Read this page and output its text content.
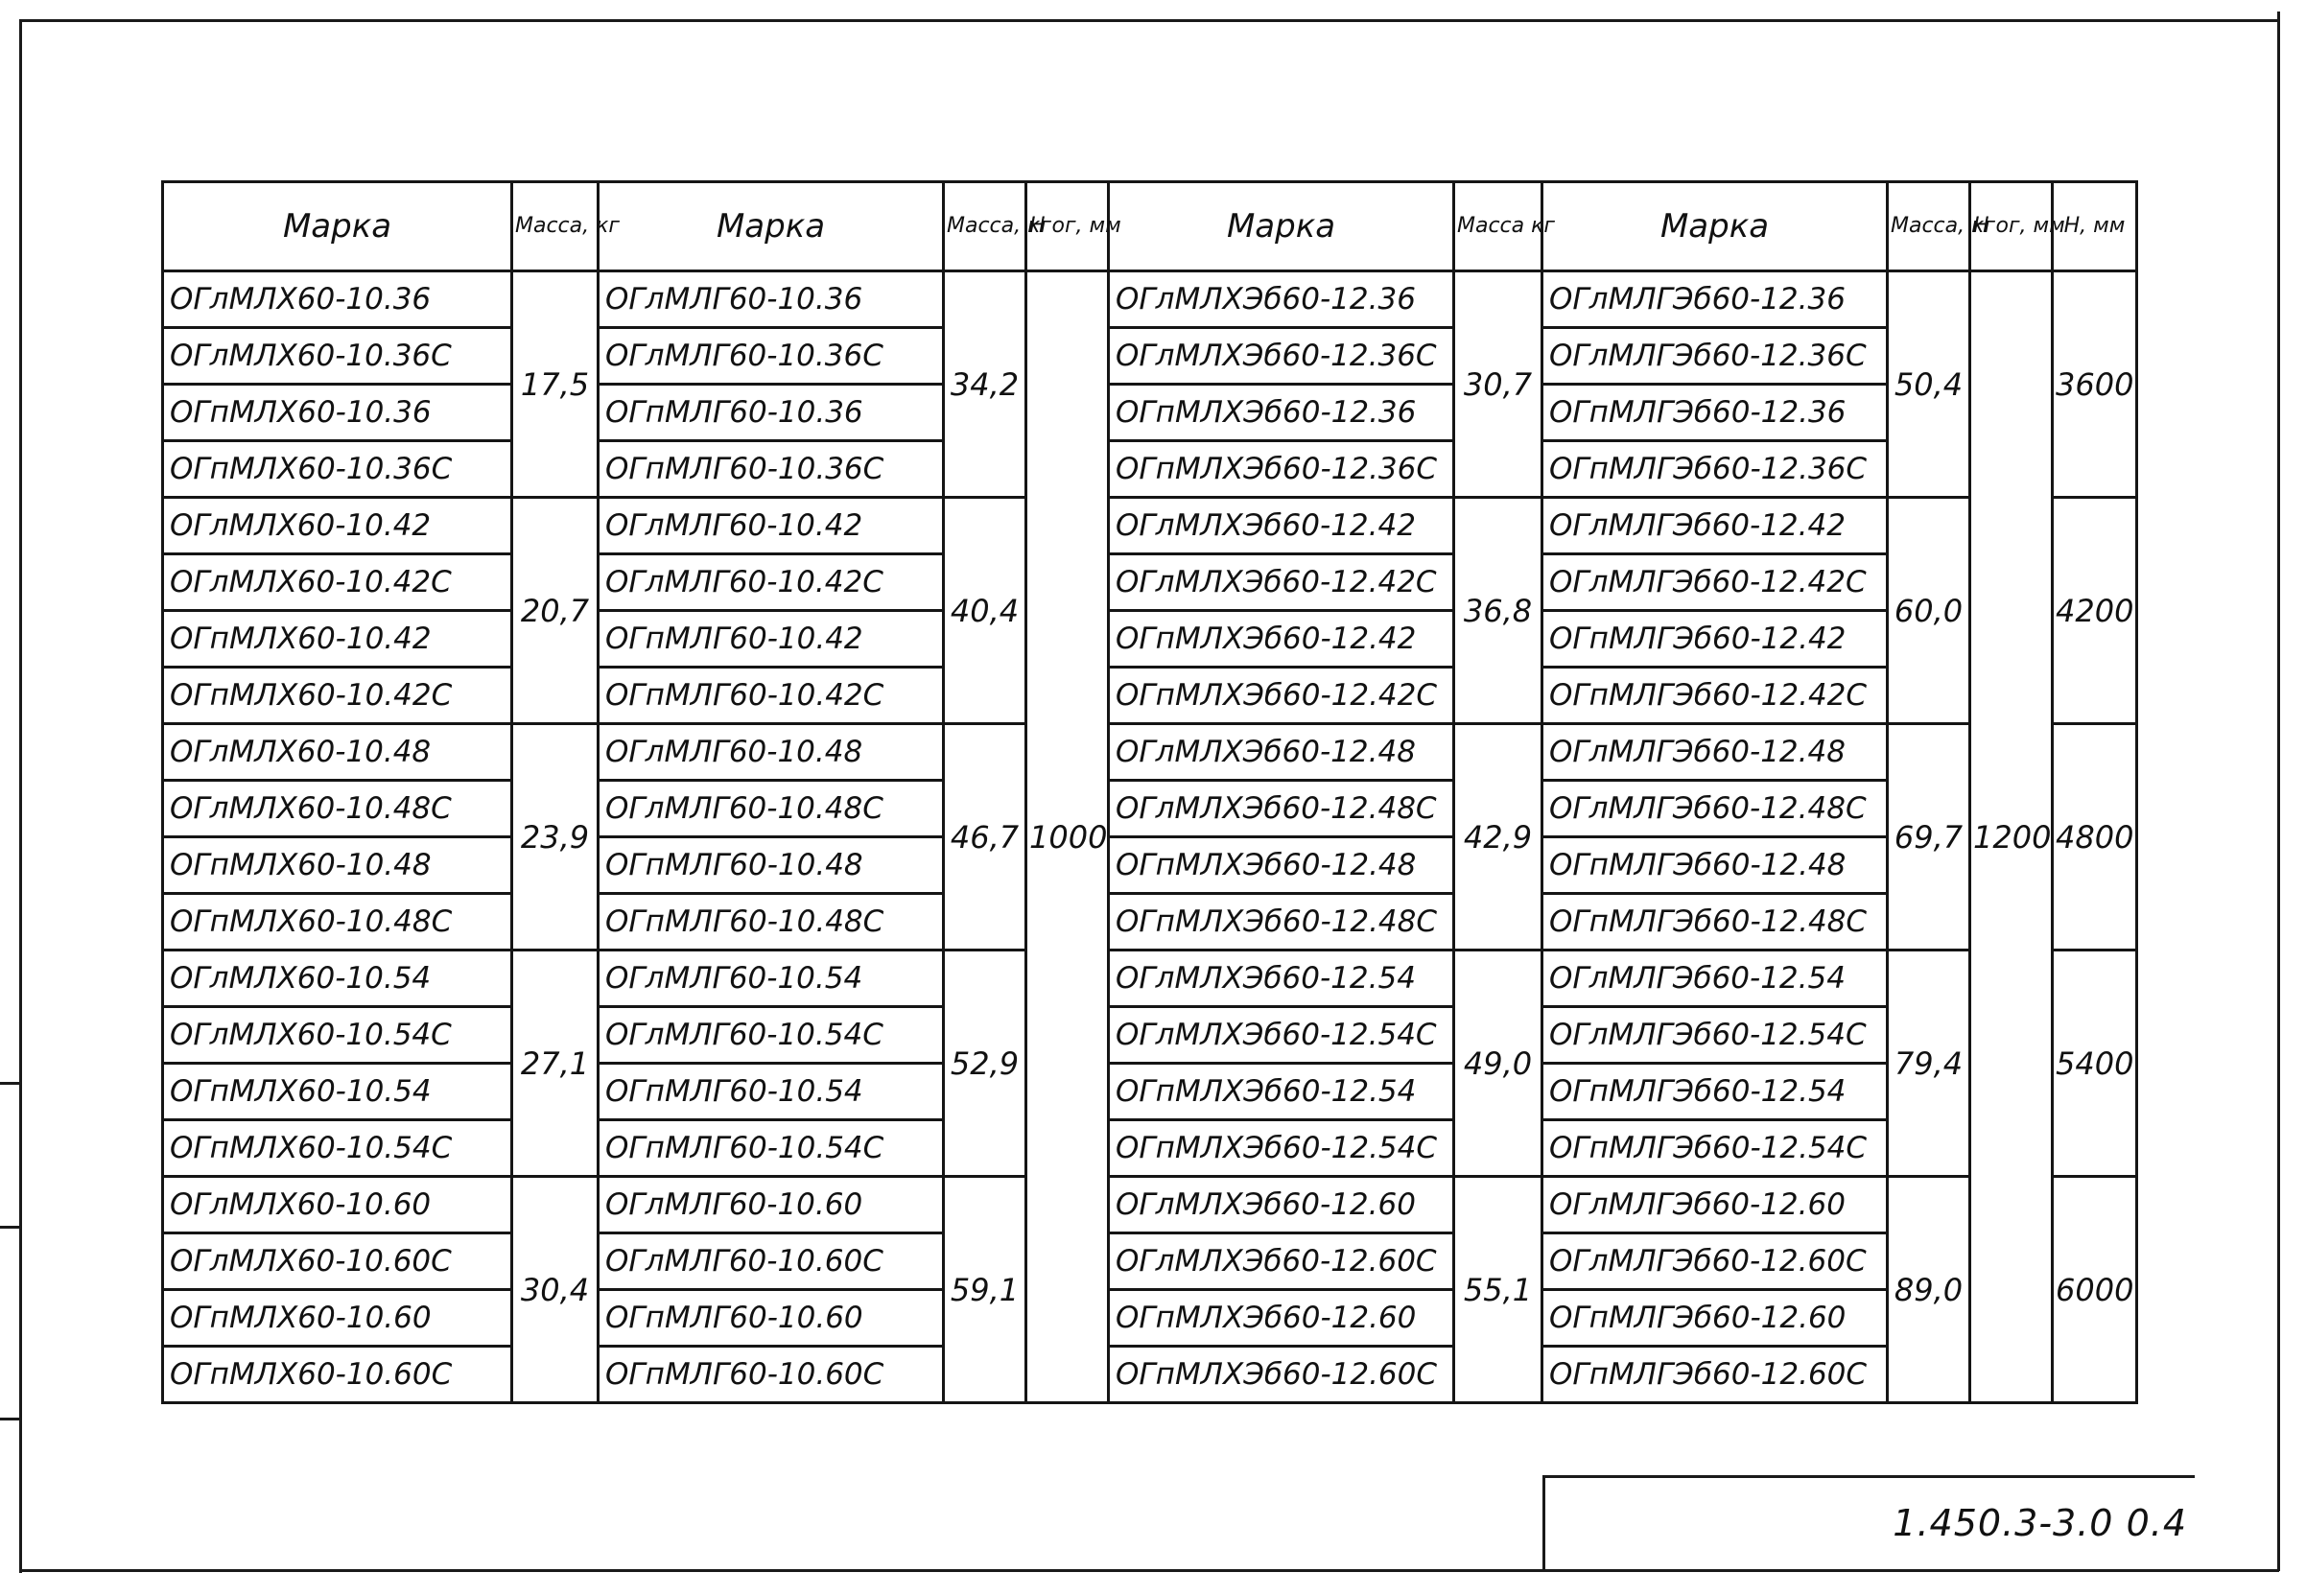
Марка	Масса, кг	Марка	Масса, кг	Н ог, мм	Марка	Масса кг	Марка	Масса, кг	Н ог, мм	Н, мм
ОГлМЛХ60-10.36	17,5	ОГлМЛГ60-10.36	34,2	1000	ОГлМЛХЭб60-12.36	30,7	ОГлМЛГЭб60-12.36	50,4	1200	3600
ОГлМЛХ60-10.36С		ОГлМЛГ60-10.36С			ОГлМЛХЭб60-12.36С		ОГлМЛГЭб60-12.36С			
ОГпМЛХ60-10.36		ОГпМЛГ60-10.36			ОГпМЛХЭб60-12.36		ОГпМЛГЭб60-12.36			
ОГпМЛХ60-10.36С		ОГпМЛГ60-10.36С			ОГпМЛХЭб60-12.36С		ОГпМЛГЭб60-12.36С			
ОГлМЛХ60-10.42	20,7	ОГлМЛГ60-10.42	40,4		ОГлМЛХЭб60-12.42	36,8	ОГлМЛГЭб60-12.42	60,0		4200
ОГлМЛХ60-10.42С		ОГлМЛГ60-10.42С			ОГлМЛХЭб60-12.42С		ОГлМЛГЭб60-12.42С			
ОГпМЛХ60-10.42		ОГпМЛГ60-10.42			ОГпМЛХЭб60-12.42		ОГпМЛГЭб60-12.42			
ОГпМЛХ60-10.42С		ОГпМЛГ60-10.42С			ОГпМЛХЭб60-12.42С		ОГпМЛГЭб60-12.42С			
ОГлМЛХ60-10.48	23,9	ОГлМЛГ60-10.48	46,7		ОГлМЛХЭб60-12.48	42,9	ОГлМЛГЭб60-12.48	69,7		4800
ОГлМЛХ60-10.48С		ОГлМЛГ60-10.48С			ОГлМЛХЭб60-12.48С		ОГлМЛГЭб60-12.48С			
ОГпМЛХ60-10.48		ОГпМЛГ60-10.48			ОГпМЛХЭб60-12.48		ОГпМЛГЭб60-12.48			
ОГпМЛХ60-10.48С		ОГпМЛГ60-10.48С			ОГпМЛХЭб60-12.48С		ОГпМЛГЭб60-12.48С			
ОГлМЛХ60-10.54	27,1	ОГлМЛГ60-10.54	52,9		ОГлМЛХЭб60-12.54	49,0	ОГлМЛГЭб60-12.54	79,4		5400
ОГлМЛХ60-10.54С		ОГлМЛГ60-10.54С			ОГлМЛХЭб60-12.54С		ОГлМЛГЭб60-12.54С			
ОГпМЛХ60-10.54		ОГпМЛГ60-10.54			ОГпМЛХЭб60-12.54		ОГпМЛГЭб60-12.54			
ОГпМЛХ60-10.54С		ОГпМЛГ60-10.54С			ОГпМЛХЭб60-12.54С		ОГпМЛГЭб60-12.54С			
ОГлМЛХ60-10.60	30,4	ОГлМЛГ60-10.60	59,1		ОГлМЛХЭб60-12.60	55,1	ОГлМЛГЭб60-12.60	89,0		6000
ОГлМЛХ60-10.60С		ОГлМЛГ60-10.60С			ОГлМЛХЭб60-12.60С		ОГлМЛГЭб60-12.60С			
ОГпМЛХ60-10.60		ОГпМЛГ60-10.60			ОГпМЛХЭб60-12.60		ОГпМЛГЭб60-12.60			
ОГпМЛХ60-10.60С		ОГпМЛГ60-10.60С			ОГпМЛХЭб60-12.60С		ОГпМЛГЭб60-12.60С			
1.450.3-3.0 0.4
